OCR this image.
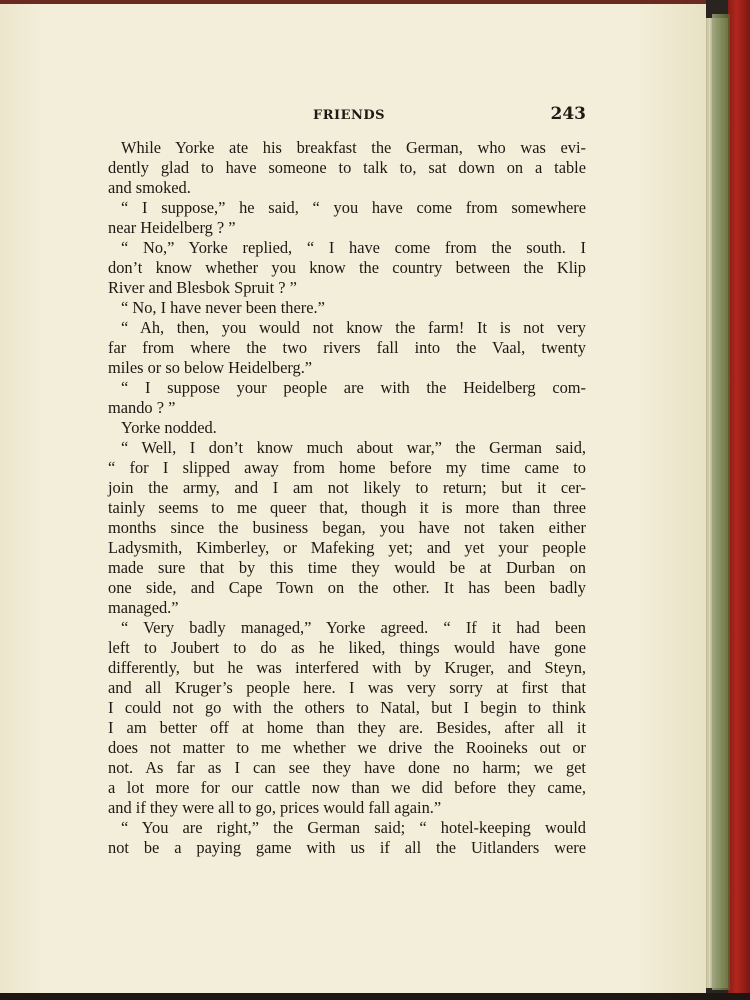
FRIENDS	243
While Yorke ate his breakfast the German, who was evi-
dently glad to have someone to talk to, sat down on a table
and smoked.
“ I suppose,” he said, “ you have come from somewhere
near Heidelberg ? ”
“ No,” Yorke replied, “ I have come from the south. I
don’t know whether you know the country between the Klip
River and Blesbok Spruit ? ”
“ No, I have never been there.”
“ Ah, then, you would not know the farm! It is not very
far from where the two rivers fall into the Vaal, twenty
miles or so below Heidelberg.”
“ I suppose your people are with the Heidelberg com-
mando ? ”
Yorke nodded.
“ Well, I don’t know much about war,” the German said,
“ for I slipped away from home before my time came to
join the army, and I am not likely to return; but it cer-
tainly seems to me queer that, though it is more than three
months since the business began, you have not taken either
Ladysmith, Kimberley, or Mafeking yet; and yet your people
made sure that by this time they would be at Durban on
one side, and Cape Town on the other. It has been badly
managed.”
“ Very badly managed,” Yorke agreed. “ If it had been
left to Joubert to do as he liked, things would have gone
differently, but he was interfered with by Kruger, and Steyn,
and all Kruger’s people here. I was very sorry at first that
I could not go with the others to Natal, but I begin to think
I am better off at home than they are. Besides, after all it
does not matter to me whether we drive the Rooineks out or
not. As far as I can see they have done no harm; we get
a lot more for our cattle now than we did before they came,
and if they were all to go, prices would fall again.”
“ You are right,” the German said; “ hotel-keeping would
not be a paying game with us if all the Uitlanders were
